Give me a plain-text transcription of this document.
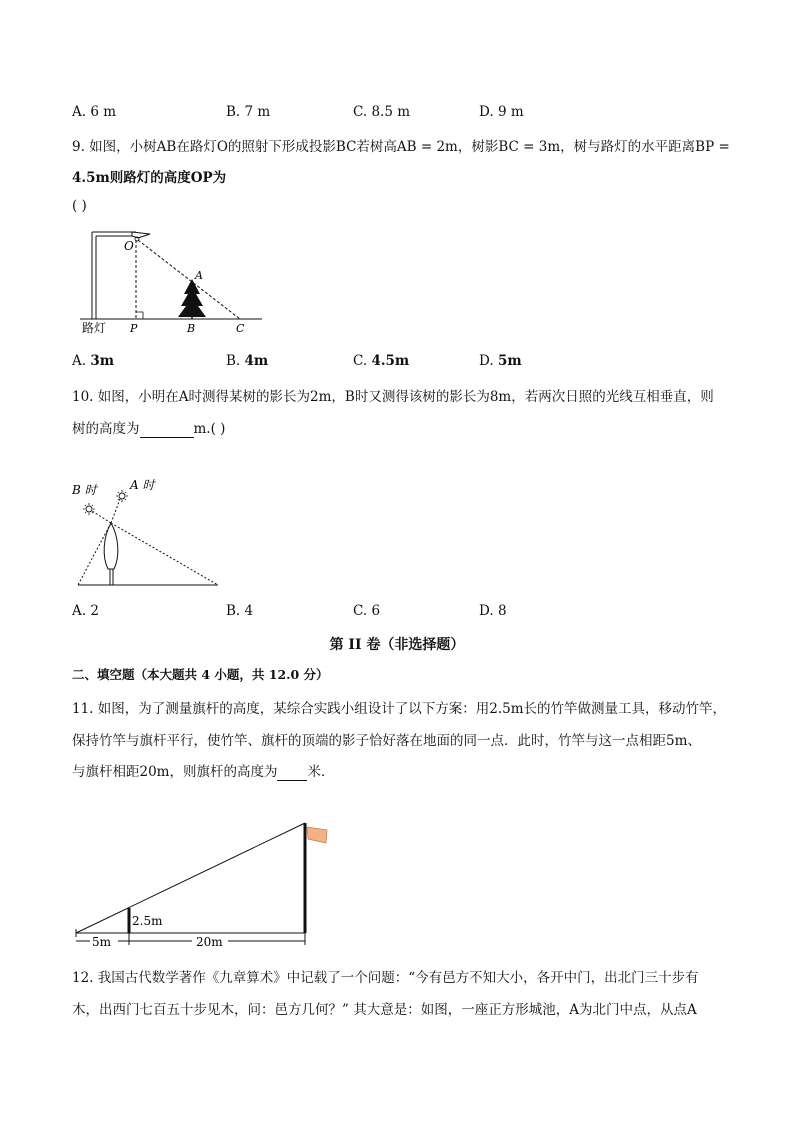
A. 6 m	B. 7 m	C. 8.5 m	D. 9 m
9. 如图，小树AB在路灯O的照射下形成投影BC若树高AB = 2m，树影BC = 3m，树与路灯的水平距离BP =
4.5m则路灯的高度OP为
( )
O
A
P	B	C
路灯
A. 3m	B. 4m	C. 4.5m	D. 5m
10. 如图，小明在A时测得某树的影长为2m，B时又测得该树的影长为8m，若两次日照的光线互相垂直，则
树的高度为	m.( )
B 时	A 时
A. 2	B. 4	C. 6	D. 8
第 II 卷（非选择题）
二、填空题（本大题共 4 小题，共 12.0 分）
11. 如图，为了测量旗杆的高度，某综合实践小组设计了以下方案：用2.5m长的竹竿做测量工具，移动竹竿，
保持竹竿与旗杆平行，使竹竿、旗杆的顶端的影子恰好落在地面的同一点．此时，竹竿与这一点相距5m、
与旗杆相距20m，则旗杆的高度为 米．
2.5m
5m	20m
12. 我国古代数学著作《九章算术》中记载了一个问题：“今有邑方不知大小，各开中门，出北门三十步有
木，出西门七百五十步见木，问：邑方几何？” 其大意是：如图，一座正方形城池，A为北门中点，从点A
